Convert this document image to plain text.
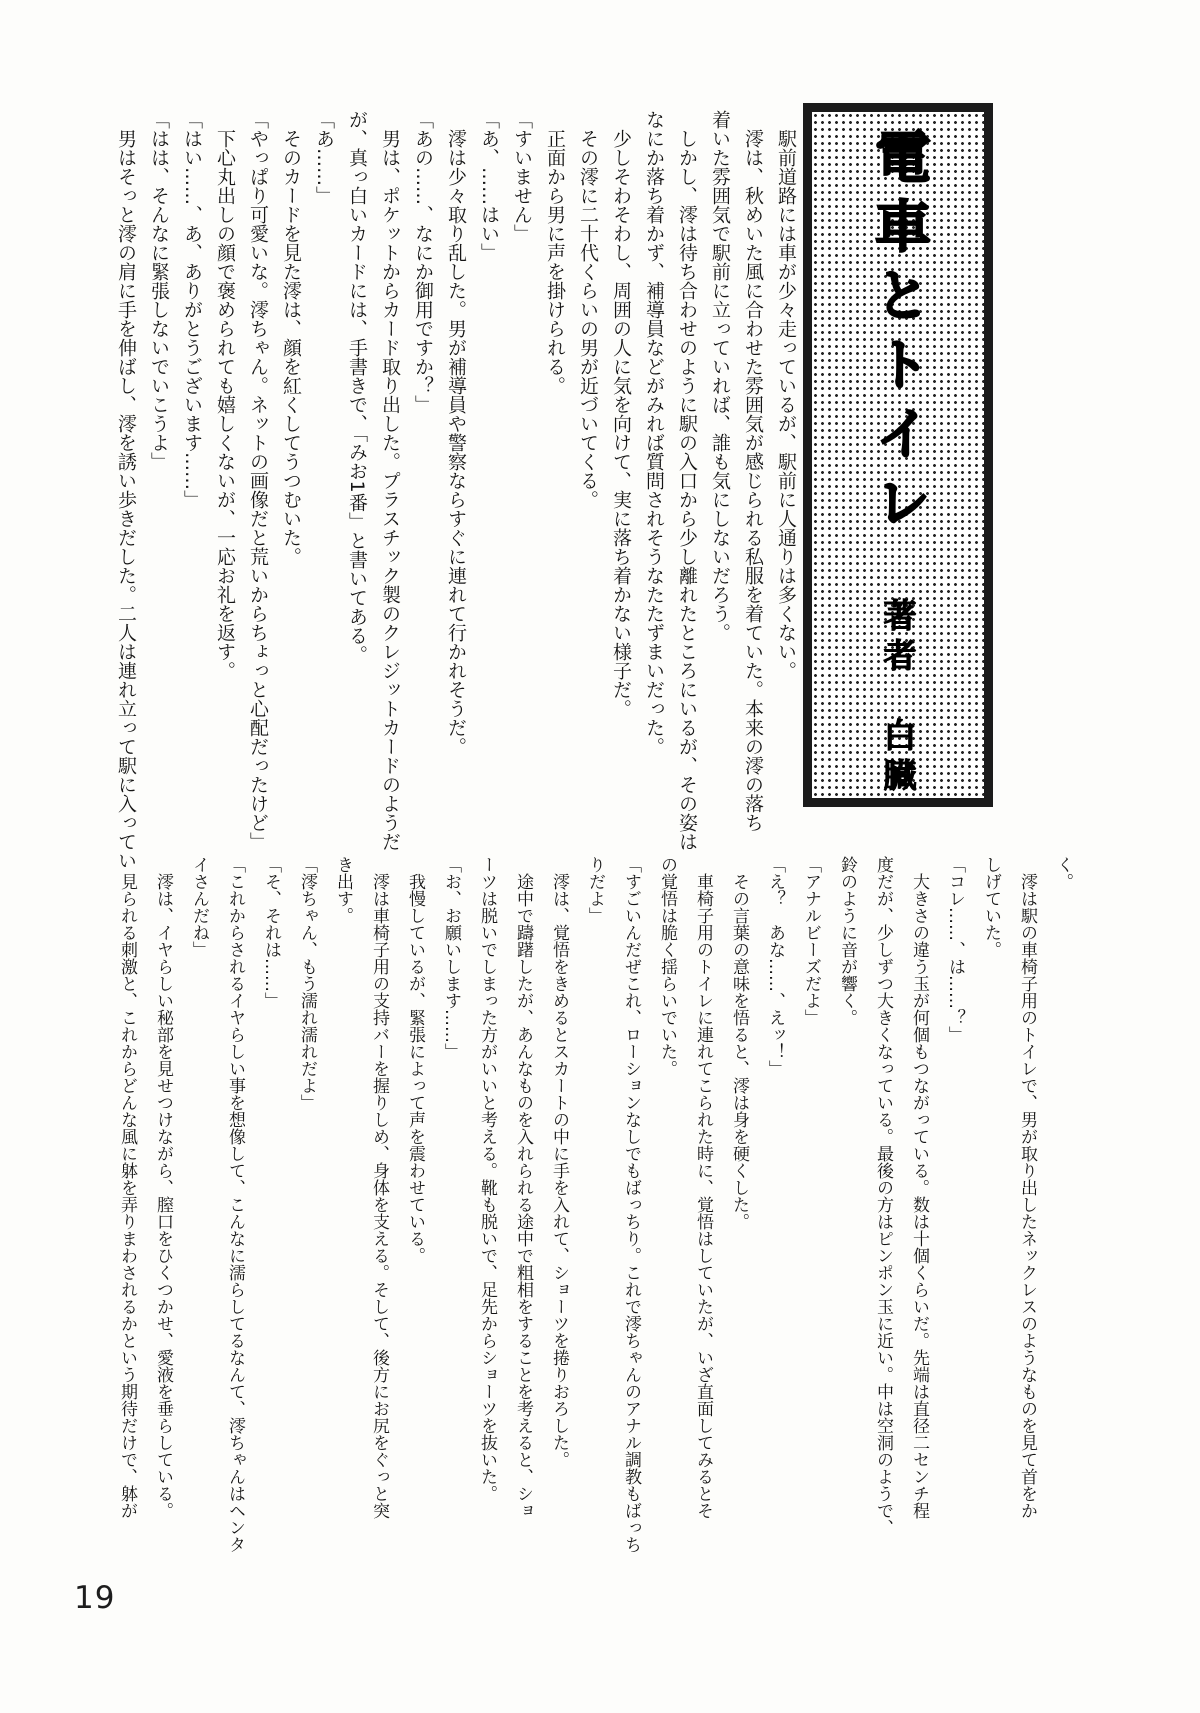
電車とトイレ
著者　白臓
　駅前道路には車が少々走っているが、駅前に人通りは多くない。
　澪は、秋めいた風に合わせた雰囲気が感じられる私服を着ていた。本来の澪の落ち
着いた雰囲気で駅前に立っていれば、誰も気にしないだろう。
　しかし、澪は待ち合わせのように駅の入口から少し離れたところにいるが、その姿は
なにか落ち着かず、補導員などがみれば質問されそうなたたずまいだった。
　少しそわそわし、周囲の人に気を向けて、実に落ち着かない様子だ。
　その澪に二十代くらいの男が近づいてくる。
　正面から男に声を掛けられる。
「すいません」
「あ、……はい」
　澪は少々取り乱した。男が補導員や警察ならすぐに連れて行かれそうだ。
「あの……、なにか御用ですか？」
　男は、ポケットからカード取り出した。プラスチック製のクレジットカードのようだ
が、真っ白いカードには、手書きで、「みお1番」と書いてある。
「あ……」
　そのカードを見た澪は、顔を紅くしてうつむいた。
「やっぱり可愛いな。澪ちゃん。ネットの画像だと荒いからちょっと心配だったけど」
　下心丸出しの顔で褒められても嬉しくないが、一応お礼を返す。
「はい……、あ、ありがとうございます……」
「はは、そんなに緊張しないでいこうよ」
　男はそっと澪の肩に手を伸ばし、澪を誘い歩きだした。二人は連れ立って駅に入ってい
く。
　澪は駅の車椅子用のトイレで、男が取り出したネックレスのようなものを見て首をか
しげていた。
「コレ……、は……？」
　大きさの違う玉が何個もつながっている。数は十個くらいだ。先端は直径二センチ程
度だが、少しずつ大きくなっている。最後の方はピンポン玉に近い。中は空洞のようで、
鈴のように音が響く。
「アナルビーズだよ」
「え？　あな……、えッ！」
　その言葉の意味を悟ると、澪は身を硬くした。
　車椅子用のトイレに連れてこられた時に、覚悟はしていたが、いざ直面してみるとそ
の覚悟は脆く揺らいでいた。
「すごいんだぜこれ、ローションなしでもばっちり。これで澪ちゃんのアナル調教もばっち
りだよ」
　澪は、覚悟をきめるとスカートの中に手を入れて、ショーツを捲りおろした。
　途中で躊躇したが、あんなものを入れられる途中で粗相をすることを考えると、ショ
ーツは脱いでしまった方がいいと考える。靴も脱いで、足先からショーツを抜いた。
「お、お願いします……」
　我慢しているが、緊張によって声を震わせている。
　澪は車椅子用の支持バーを握りしめ、身体を支える。そして、後方にお尻をぐっと突
き出す。
「澪ちゃん、もう濡れ濡れだよ」
「そ、それは……」
「これからされるイヤらしい事を想像して、こんなに濡らしてるなんて、澪ちゃんはヘンタ
イさんだね」
　澪は、イヤらしい秘部を見せつけながら、膣口をひくつかせ、愛液を垂らしている。
　見られる刺激と、これからどんな風に躰を弄りまわされるかという期待だけで、躰が
19
